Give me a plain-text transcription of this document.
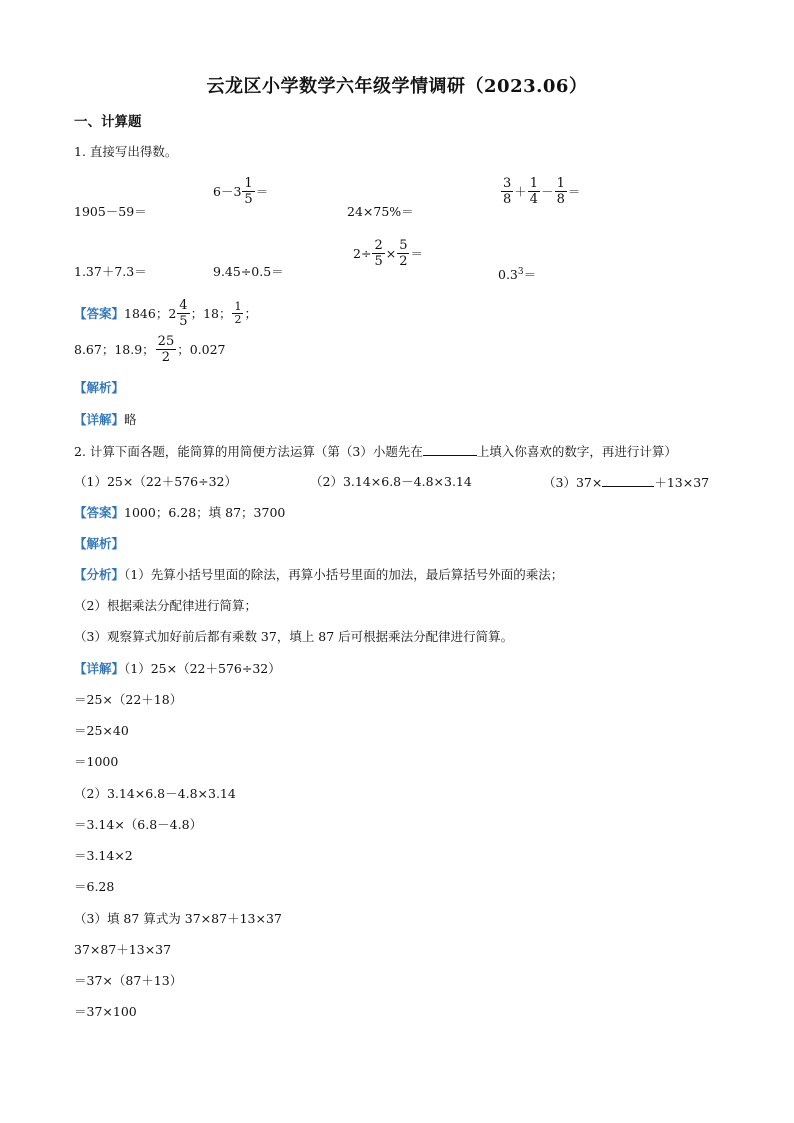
云龙区小学数学六年级学情调研（2023.06）
一、计算题
1. 直接写出得数。
1905－59＝
$6-3 \frac{1}{5}$ ＝
24×75%＝
$\frac{3}{8} + \frac{1}{4} - \frac{1}{8}$ ＝
1.37＋7.3＝	9.45÷0.5＝
$2\div \frac{2}{5} \times \frac{5}{2}$ ＝
$0.3^3=$
【答案】 1846； $2 \frac{4}{5}$ ；18； $\frac{1}{2}$ ；
8.67；18.9； $\frac{25}{2}$ ；0.027
【解析】
【详解】略
2. 计算下面各题，能简算的用简便方法运算（第（3）小题先在	上填入你喜欢的数字，再进行计算）
（1）25×（22＋576÷32）	（2）3.14×6.8－4.8×3.14	（3）37×	＋13×37
【答案】1000；6.28；填 87；3700
【解析】
【分析】（1）先算小括号里面的除法，再算小括号里面的加法，最后算括号外面的乘法；
（2）根据乘法分配律进行简算；
（3）观察算式加好前后都有乘数 37，填上 87 后可根据乘法分配律进行简算。
【详解】（1）25×（22＋576÷32）
＝25×（22＋18）
＝25×40
＝1000
（2）3.14×6.8－4.8×3.14
＝3.14×（6.8－4.8）
＝3.14×2
＝6.28
（3）填 87 算式为 37×87＋13×37
37×87＋13×37
＝37×（87＋13）
＝37×100
